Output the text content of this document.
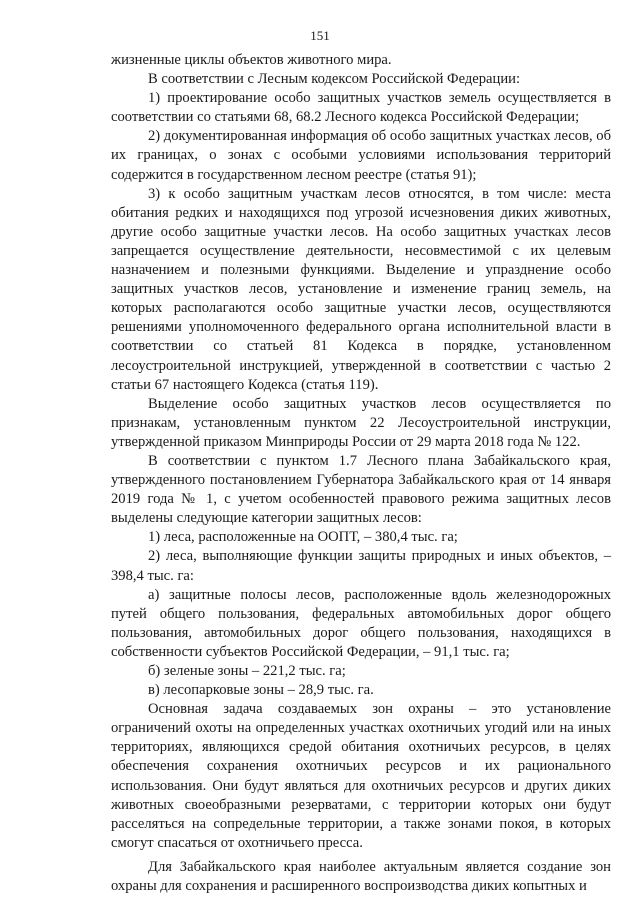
151

жизненные циклы объектов животного мира.

В соответствии с Лесным кодексом Российской Федерации:

1) проектирование особо защитных участков земель осуществляется в соответствии со статьями 68, 68.2 Лесного кодекса Российской Федерации;

2) документированная информация об особо защитных участках лесов, об их границах, о зонах с особыми условиями использования территорий содержится в государственном лесном реестре (статья 91);

3) к особо защитным участкам лесов относятся, в том числе: места обитания редких и находящихся под угрозой исчезновения диких животных, другие особо защитные участки лесов. На особо защитных участках лесов запрещается осуществление деятельности, несовместимой с их целевым назначением и полезными функциями. Выделение и упразднение особо защитных участков лесов, установление и изменение границ земель, на которых располагаются особо защитные участки лесов, осуществляются решениями уполномоченного федерального органа исполнительной власти в соответствии со статьей 81 Кодекса в порядке, установленном лесоустроительной инструкцией, утвержденной в соответствии с частью 2 статьи 67 настоящего Кодекса (статья 119).

Выделение особо защитных участков лесов осуществляется по признакам, установленным пунктом 22 Лесоустроительной инструкции, утвержденной приказом Минприроды России от 29 марта 2018 года № 122.

В соответствии с пунктом 1.7 Лесного плана Забайкальского края, утвержденного постановлением Губернатора Забайкальского края от 14 января 2019 года № 1, с учетом особенностей правового режима защитных лесов выделены следующие категории защитных лесов:

1) леса, расположенные на ООПТ, – 380,4 тыс. га;

2) леса, выполняющие функции защиты природных и иных объектов, – 398,4 тыс. га:

а) защитные полосы лесов, расположенные вдоль железнодорожных путей общего пользования, федеральных автомобильных дорог общего пользования, автомобильных дорог общего пользования, находящихся в собственности субъектов Российской Федерации, – 91,1 тыс. га;

б) зеленые зоны – 221,2 тыс. га;

в) лесопарковые зоны – 28,9 тыс. га.

Основная задача создаваемых зон охраны – это установление ограничений охоты на определенных участках охотничьих угодий или на иных территориях, являющихся средой обитания охотничьих ресурсов, в целях обеспечения сохранения охотничьих ресурсов и их рационального использования. Они будут являться для охотничьих ресурсов и других диких животных своеобразными резерватами, с территории которых они будут расселяться на сопредельные территории, а также зонами покоя, в которых смогут спасаться от охотничьего пресса.

Для Забайкальского края наиболее актуальным является создание зон охраны для сохранения и расширенного воспроизводства диких копытных и
